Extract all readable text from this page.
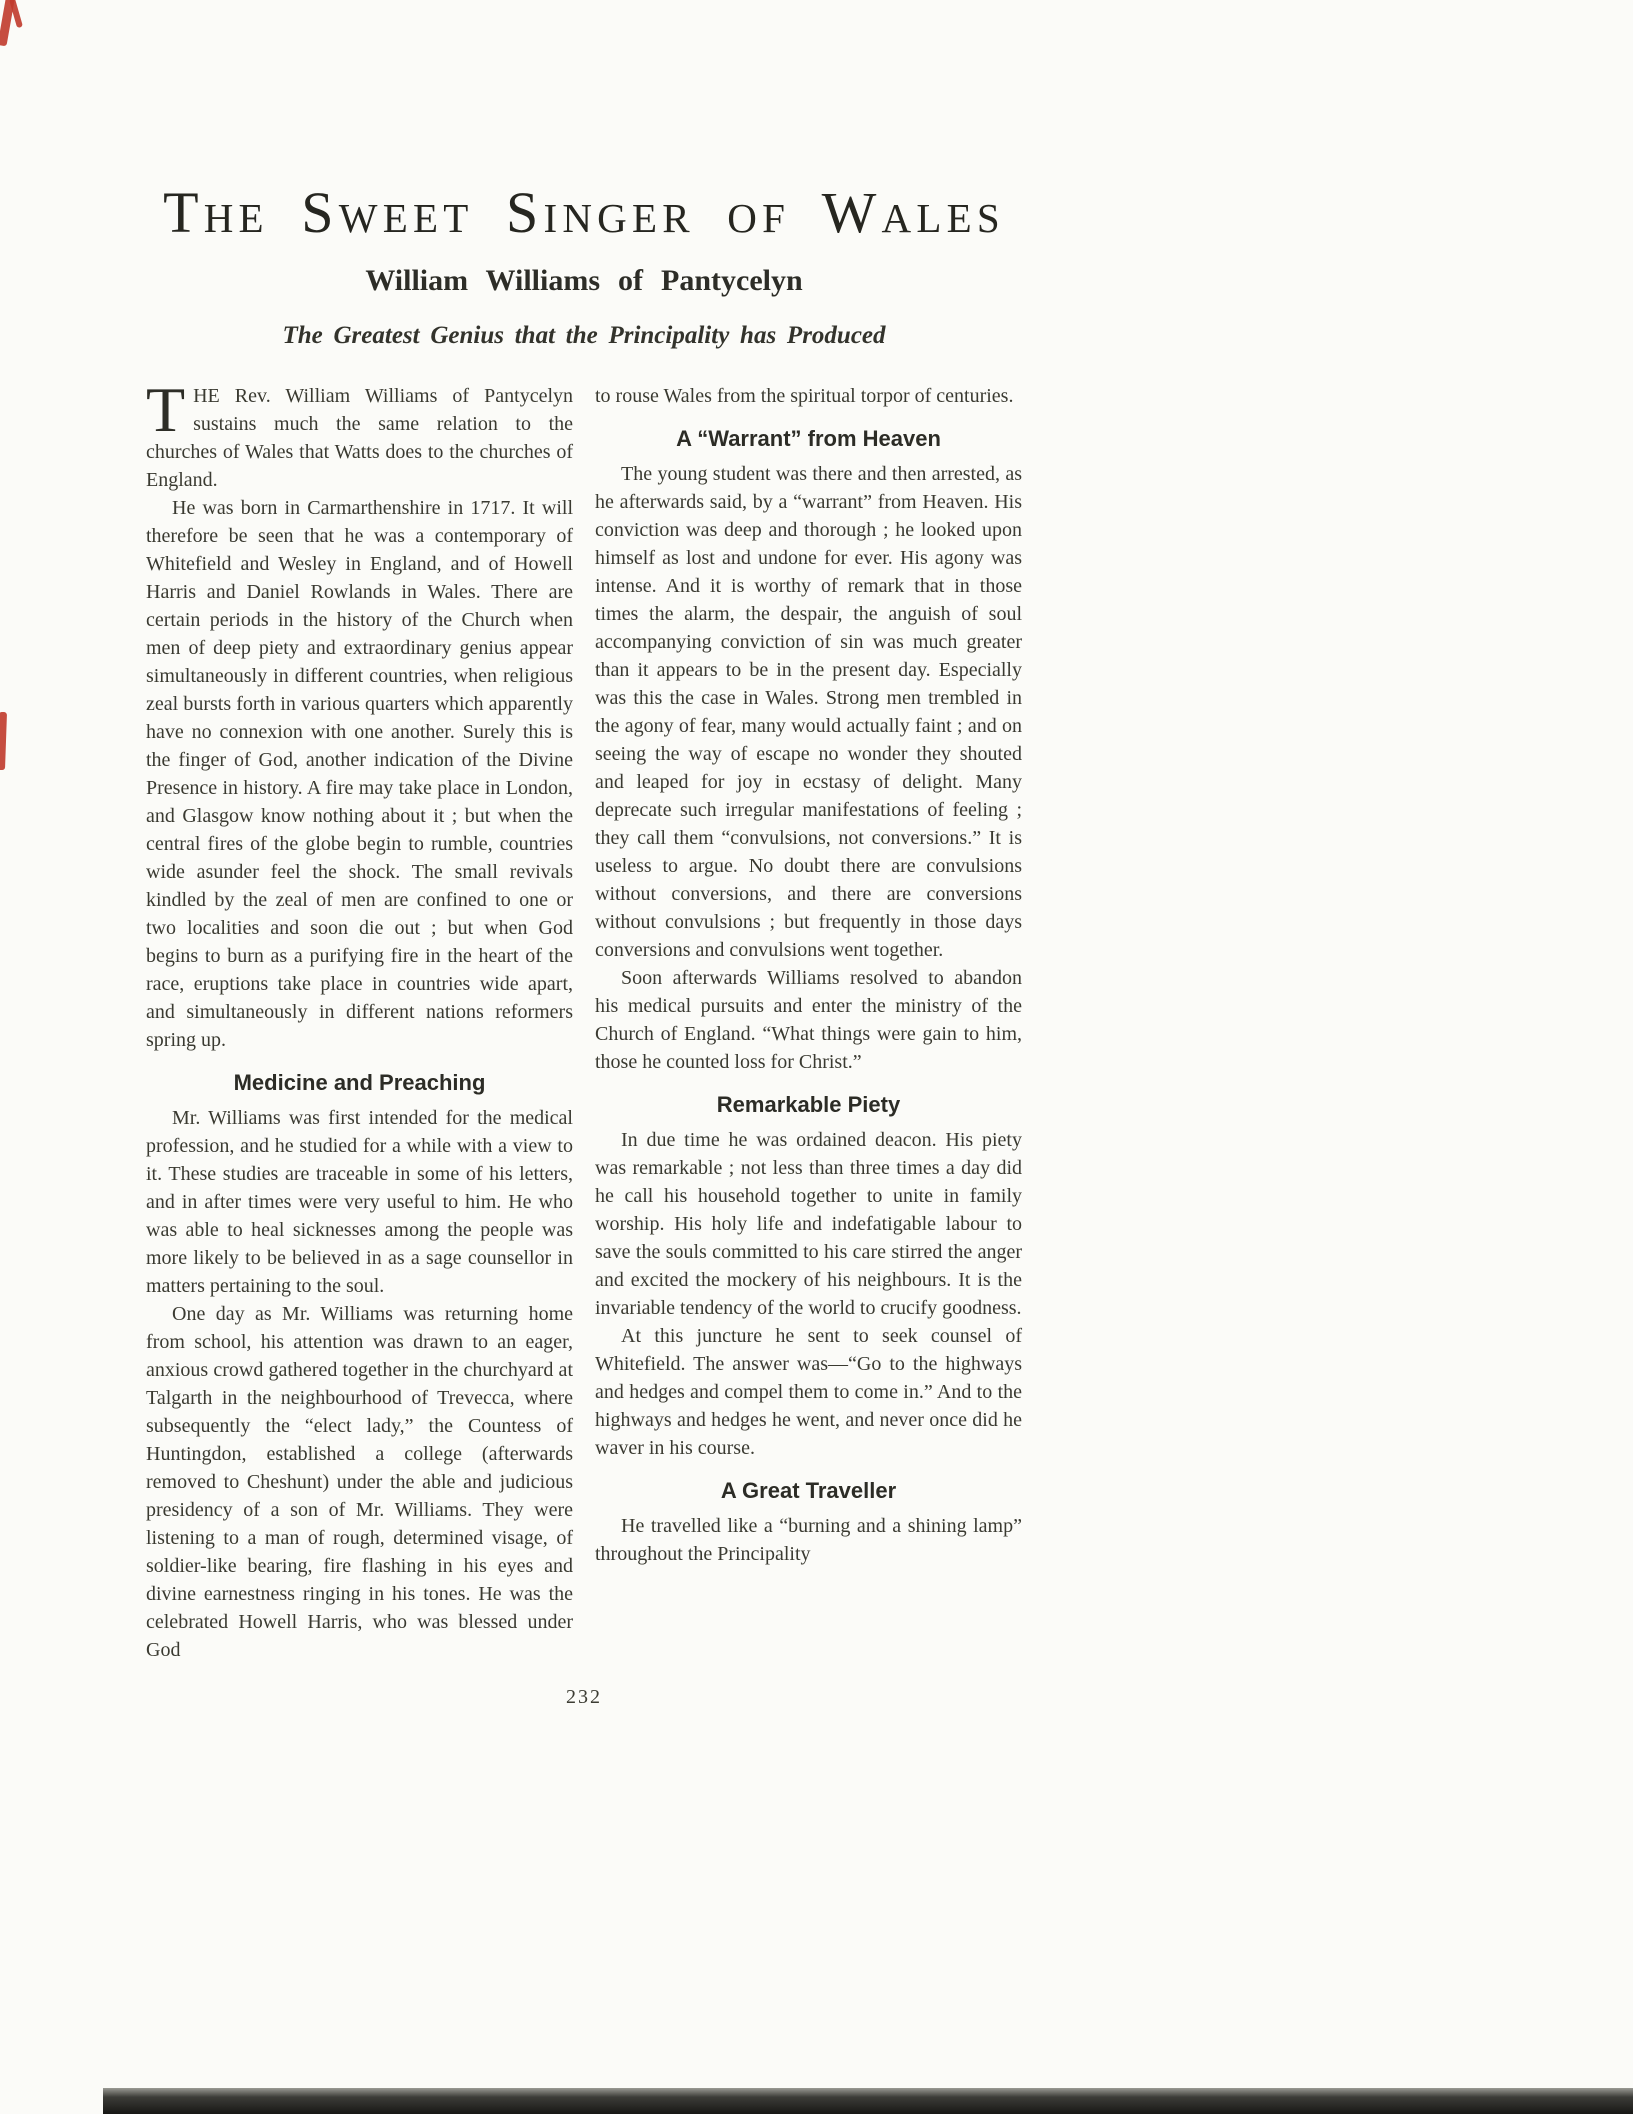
The Sweet Singer of Wales
William Williams of Pantycelyn
The Greatest Genius that the Principality has Produced

THE Rev. William Williams of Pantycelyn sustains much the same relation to the churches of Wales that Watts does to the churches of England.

He was born in Carmarthenshire in 1717. It will therefore be seen that he was a contemporary of Whitefield and Wesley in England, and of Howell Harris and Daniel Rowlands in Wales. There are certain periods in the history of the Church when men of deep piety and extraordinary genius appear simultaneously in different countries, when religious zeal bursts forth in various quarters which apparently have no connexion with one another. Surely this is the finger of God, another indication of the Divine Presence in history. A fire may take place in London, and Glasgow know nothing about it ; but when the central fires of the globe begin to rumble, countries wide asunder feel the shock. The small revivals kindled by the zeal of men are confined to one or two localities and soon die out ; but when God begins to burn as a purifying fire in the heart of the race, eruptions take place in countries wide apart, and simultaneously in different nations reformers spring up.

Medicine and Preaching

Mr. Williams was first intended for the medical profession, and he studied for a while with a view to it. These studies are traceable in some of his letters, and in after times were very useful to him. He who was able to heal sicknesses among the people was more likely to be believed in as a sage counsellor in matters pertaining to the soul.

One day as Mr. Williams was returning home from school, his attention was drawn to an eager, anxious crowd gathered together in the churchyard at Talgarth in the neighbourhood of Trevecca, where subsequently the “elect lady,” the Countess of Huntingdon, established a college (afterwards removed to Cheshunt) under the able and judicious presidency of a son of Mr. Williams. They were listening to a man of rough, determined visage, of soldier-like bearing, fire flashing in his eyes and divine earnestness ringing in his tones. He was the celebrated Howell Harris, who was blessed under God

to rouse Wales from the spiritual torpor of centuries.

A “Warrant” from Heaven

The young student was there and then arrested, as he afterwards said, by a “warrant” from Heaven. His conviction was deep and thorough ; he looked upon himself as lost and undone for ever. His agony was intense. And it is worthy of remark that in those times the alarm, the despair, the anguish of soul accompanying conviction of sin was much greater than it appears to be in the present day. Especially was this the case in Wales. Strong men trembled in the agony of fear, many would actually faint ; and on seeing the way of escape no wonder they shouted and leaped for joy in ecstasy of delight. Many deprecate such irregular manifestations of feeling ; they call them “convulsions, not conversions.” It is useless to argue. No doubt there are convulsions without conversions, and there are conversions without convulsions ; but frequently in those days conversions and convulsions went together.

Soon afterwards Williams resolved to abandon his medical pursuits and enter the ministry of the Church of England. “What things were gain to him, those he counted loss for Christ.”

Remarkable Piety

In due time he was ordained deacon. His piety was remarkable ; not less than three times a day did he call his household together to unite in family worship. His holy life and indefatigable labour to save the souls committed to his care stirred the anger and excited the mockery of his neighbours. It is the invariable tendency of the world to crucify goodness.

At this juncture he sent to seek counsel of Whitefield. The answer was—“Go to the highways and hedges and compel them to come in.” And to the highways and hedges he went, and never once did he waver in his course.

A Great Traveller

He travelled like a “burning and a shining lamp” throughout the Principality

232
